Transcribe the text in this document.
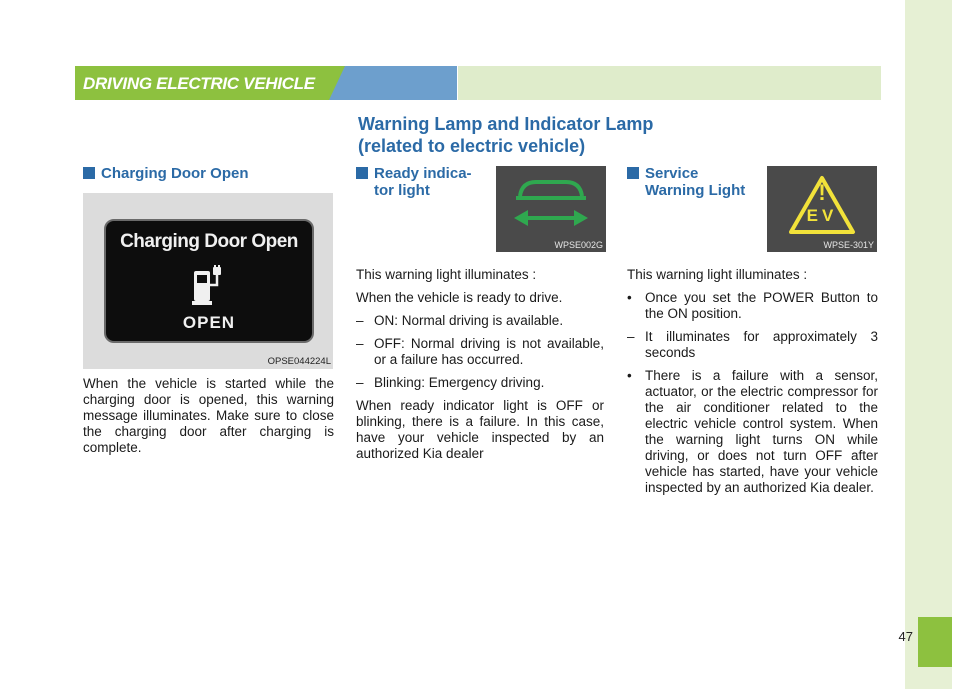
47
DRIVING ELECTRIC VEHICLE
Warning Lamp and Indicator Lamp
(related to electric vehicle)
Charging Door Open
Charging Door Open
OPEN
OPSE044224L
When the vehicle is started while the charging door is opened, this warning message illuminates. Make sure to close the charging door after charging is complete.
Ready indica-
tor light
WPSE002G

This warning light illuminates :

When the vehicle is ready to drive.

– ON: Normal driving is available.
– OFF: Normal driving is not available, or a failure has occurred.
– Blinking: Emergency driving.

When ready indicator light is OFF or blinking, there is a failure. In this case, have your vehicle inspected by an authorized Kia dealer

Service
Warning Light	!
EV
WPSE-301Y

This warning light illuminates :

• Once you set the POWER Button to the ON position.
– It illuminates for approximately 3 seconds
• There is a failure with a sensor, actuator, or the electric compressor for the air conditioner related to the electric vehicle control system. When the warning light turns ON while driving, or does not turn OFF after vehicle has started, have your vehicle inspected by an authorized Kia dealer.
